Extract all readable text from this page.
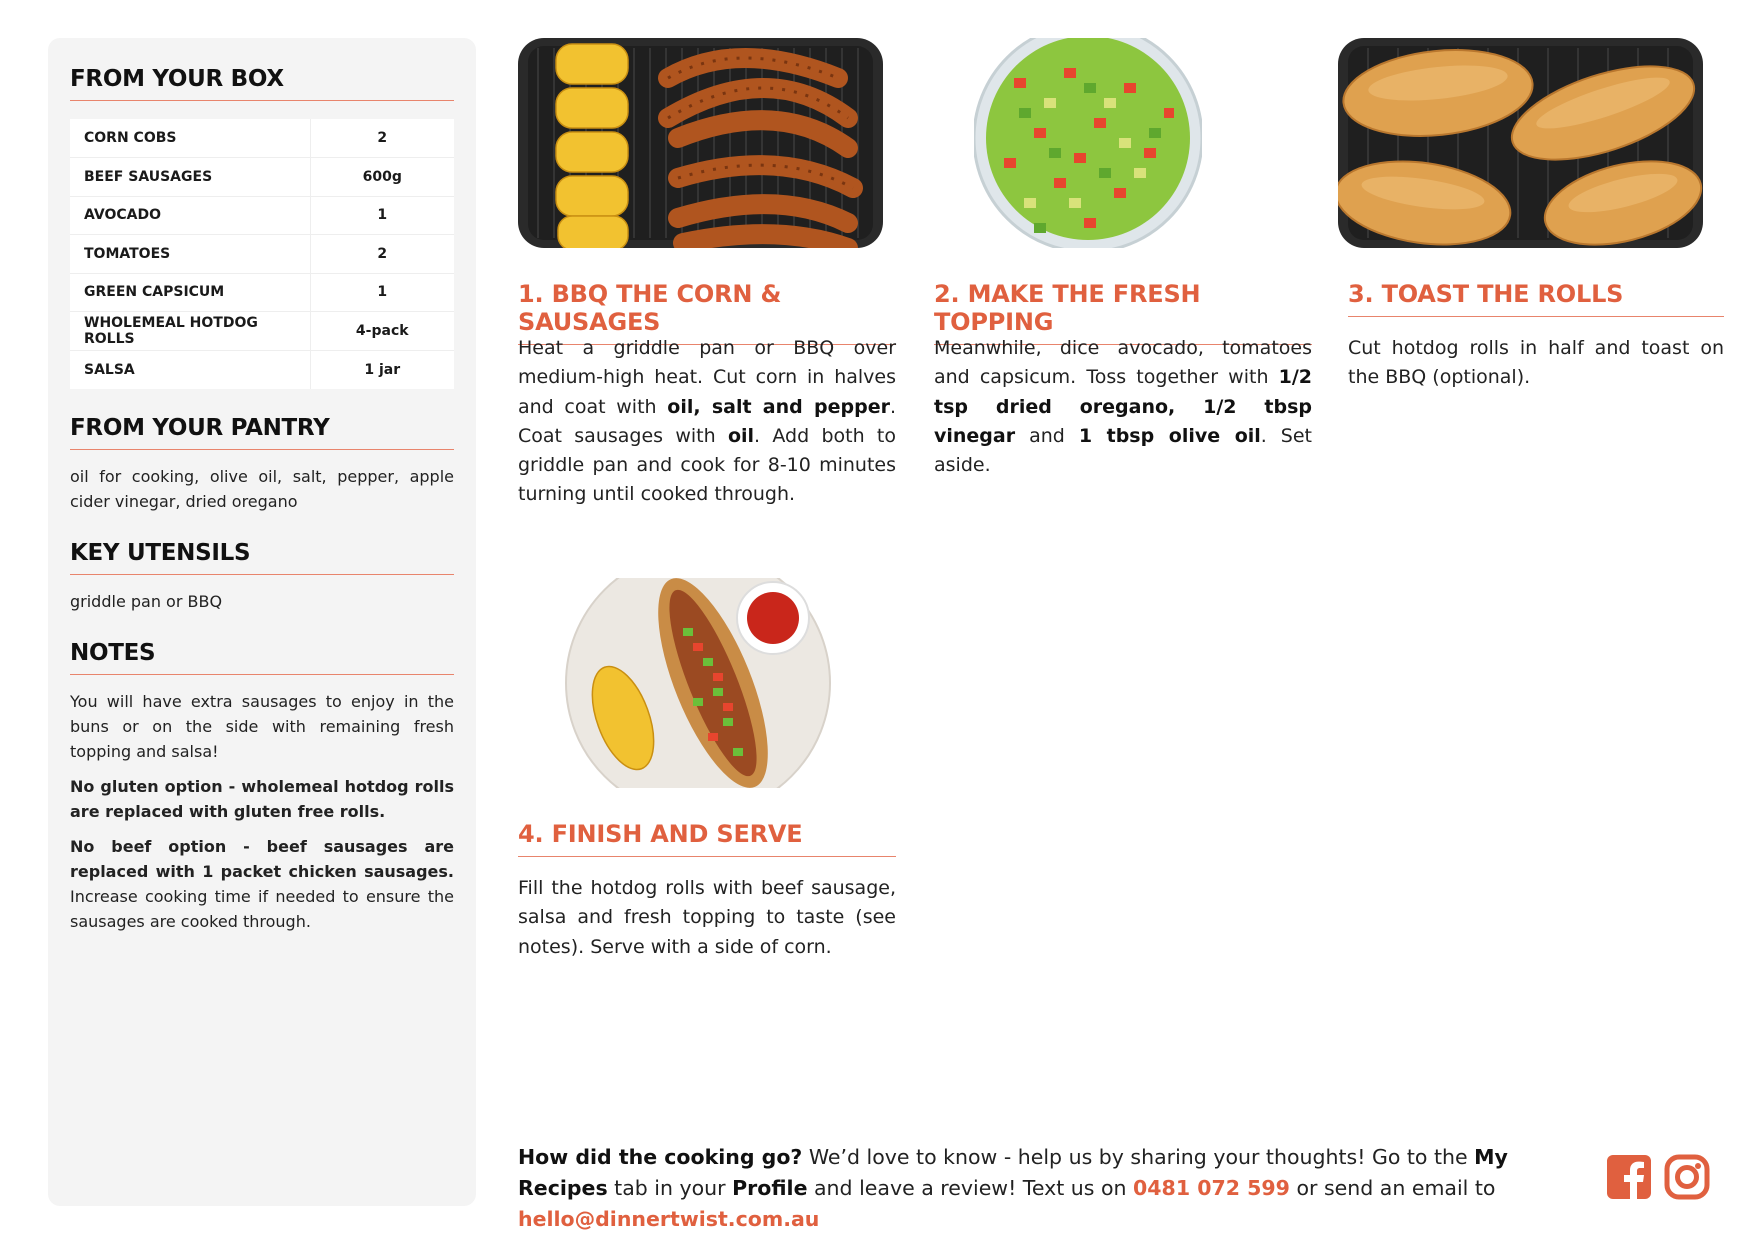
FROM YOUR BOX
CORN COBS	2
BEEF SAUSAGES	600g
AVOCADO	1
TOMATOES	2
GREEN CAPSICUM	1
WHOLEMEAL HOTDOG ROLLS	4-pack
SALSA	1 jar
FROM YOUR PANTRY
oil for cooking, olive oil, salt, pepper, apple cider vinegar, dried oregano
KEY UTENSILS
griddle pan or BBQ
NOTES
You will have extra sausages to enjoy in the buns or on the side with remaining fresh topping and salsa!
No gluten option - wholemeal hotdog rolls are replaced with gluten free rolls.
No beef option - beef sausages are replaced with 1 packet chicken sausages. Increase cooking time if needed to ensure the sausages are cooked through.
1. BBQ THE CORN & SAUSAGES
Heat a griddle pan or BBQ over medium-high heat. Cut corn in halves and coat with oil, salt and pepper. Coat sausages with oil. Add both to griddle pan and cook for 8-10 minutes turning until cooked through.
2. MAKE THE FRESH TOPPING
Meanwhile, dice avocado, tomatoes and capsicum. Toss together with 1/2 tsp dried oregano, 1/2 tbsp vinegar and 1 tbsp olive oil. Set aside.
3. TOAST THE ROLLS
Cut hotdog rolls in half and toast on the BBQ (optional).
4. FINISH AND SERVE
Fill the hotdog rolls with beef sausage, salsa and fresh topping to taste (see notes). Serve with a side of corn.
How did the cooking go? We’d love to know - help us by sharing your thoughts! Go to the My Recipes tab in your Profile and leave a review! Text us on 0481 072 599 or send an email to hello@dinnertwist.com.au
